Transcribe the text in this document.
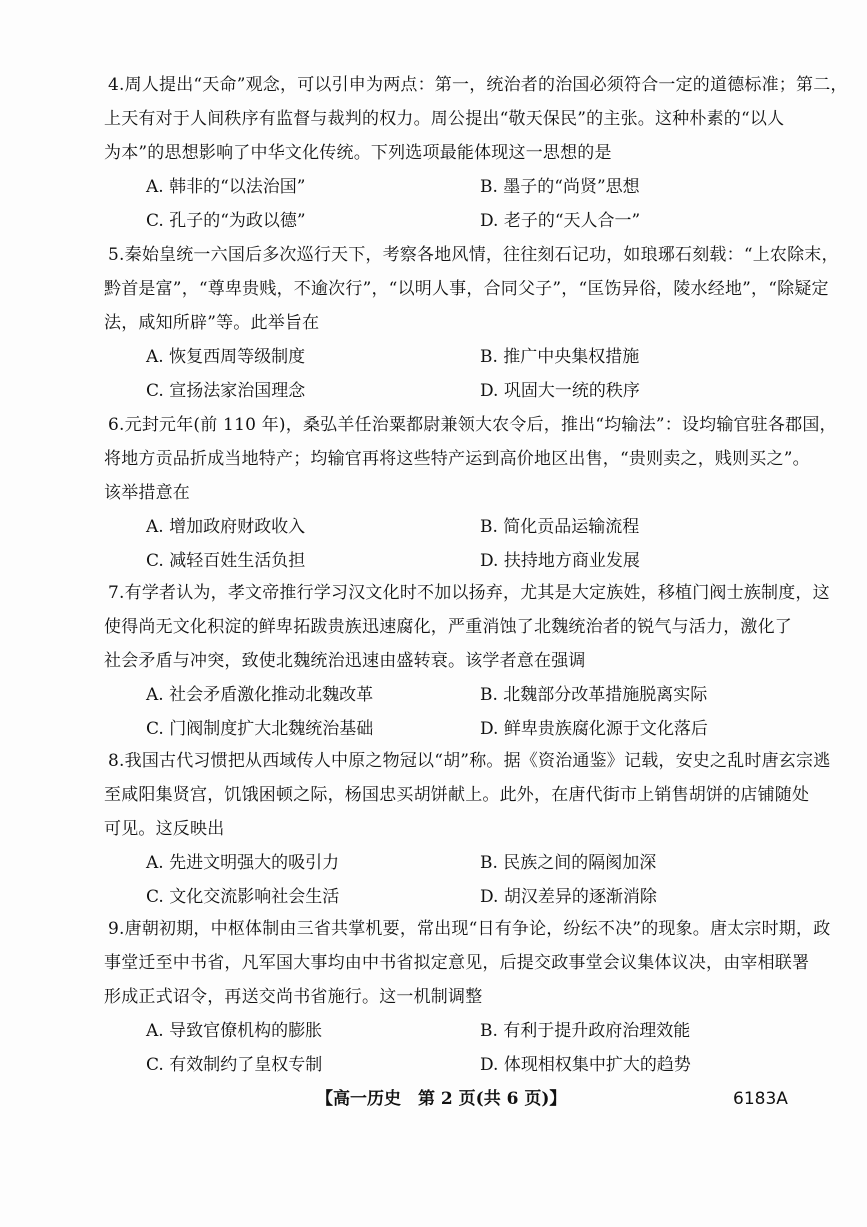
4.周人提出“天命”观念，可以引申为两点：第一，统治者的治国必须符合一定的道德标准；第二，
上天有对于人间秩序有监督与裁判的权力。周公提出“敬天保民”的主张。这种朴素的“以人
为本”的思想影响了中华文化传统。下列选项最能体现这一思想的是
A. 韩非的“以法治国”	B. 墨子的“尚贤”思想
C. 孔子的“为政以德”	D. 老子的“天人合一”
5.秦始皇统一六国后多次巡行天下，考察各地风情，往往刻石记功，如琅琊石刻载：“上农除末，
黔首是富”，“尊卑贵贱，不逾次行”，“以明人事，合同父子”，“匡饬异俗，陵水经地”，“除疑定
法，咸知所辟”等。此举旨在
A. 恢复西周等级制度	B. 推广中央集权措施
C. 宣扬法家治国理念	D. 巩固大一统的秩序
6.元封元年(前 110 年)，桑弘羊任治粟都尉兼领大农令后，推出“均输法”：设均输官驻各郡国，
将地方贡品折成当地特产；均输官再将这些特产运到高价地区出售，“贵则卖之，贱则买之”。
该举措意在
A. 增加政府财政收入	B. 简化贡品运输流程
C. 减轻百姓生活负担	D. 扶持地方商业发展
7.有学者认为，孝文帝推行学习汉文化时不加以扬弃，尤其是大定族姓，移植门阀士族制度，这
使得尚无文化积淀的鲜卑拓跋贵族迅速腐化，严重消蚀了北魏统治者的锐气与活力，激化了
社会矛盾与冲突，致使北魏统治迅速由盛转衰。该学者意在强调
A. 社会矛盾激化推动北魏改革	B. 北魏部分改革措施脱离实际
C. 门阀制度扩大北魏统治基础	D. 鲜卑贵族腐化源于文化落后
8.我国古代习惯把从西域传人中原之物冠以“胡”称。据《资治通鉴》记载，安史之乱时唐玄宗逃
至咸阳集贤宫，饥饿困顿之际，杨国忠买胡饼献上。此外，在唐代街市上销售胡饼的店铺随处
可见。这反映出
A. 先进文明强大的吸引力	B. 民族之间的隔阂加深
C. 文化交流影响社会生活	D. 胡汉差异的逐渐消除
9.唐朝初期，中枢体制由三省共掌机要，常出现“日有争论，纷纭不决”的现象。唐太宗时期，政
事堂迁至中书省，凡军国大事均由中书省拟定意见，后提交政事堂会议集体议决，由宰相联署
形成正式诏令，再送交尚书省施行。这一机制调整
A. 导致官僚机构的膨胀	B. 有利于提升政府治理效能
C. 有效制约了皇权专制	D. 体现相权集中扩大的趋势
【高一历史　第 2 页(共 6 页)】	6183A
